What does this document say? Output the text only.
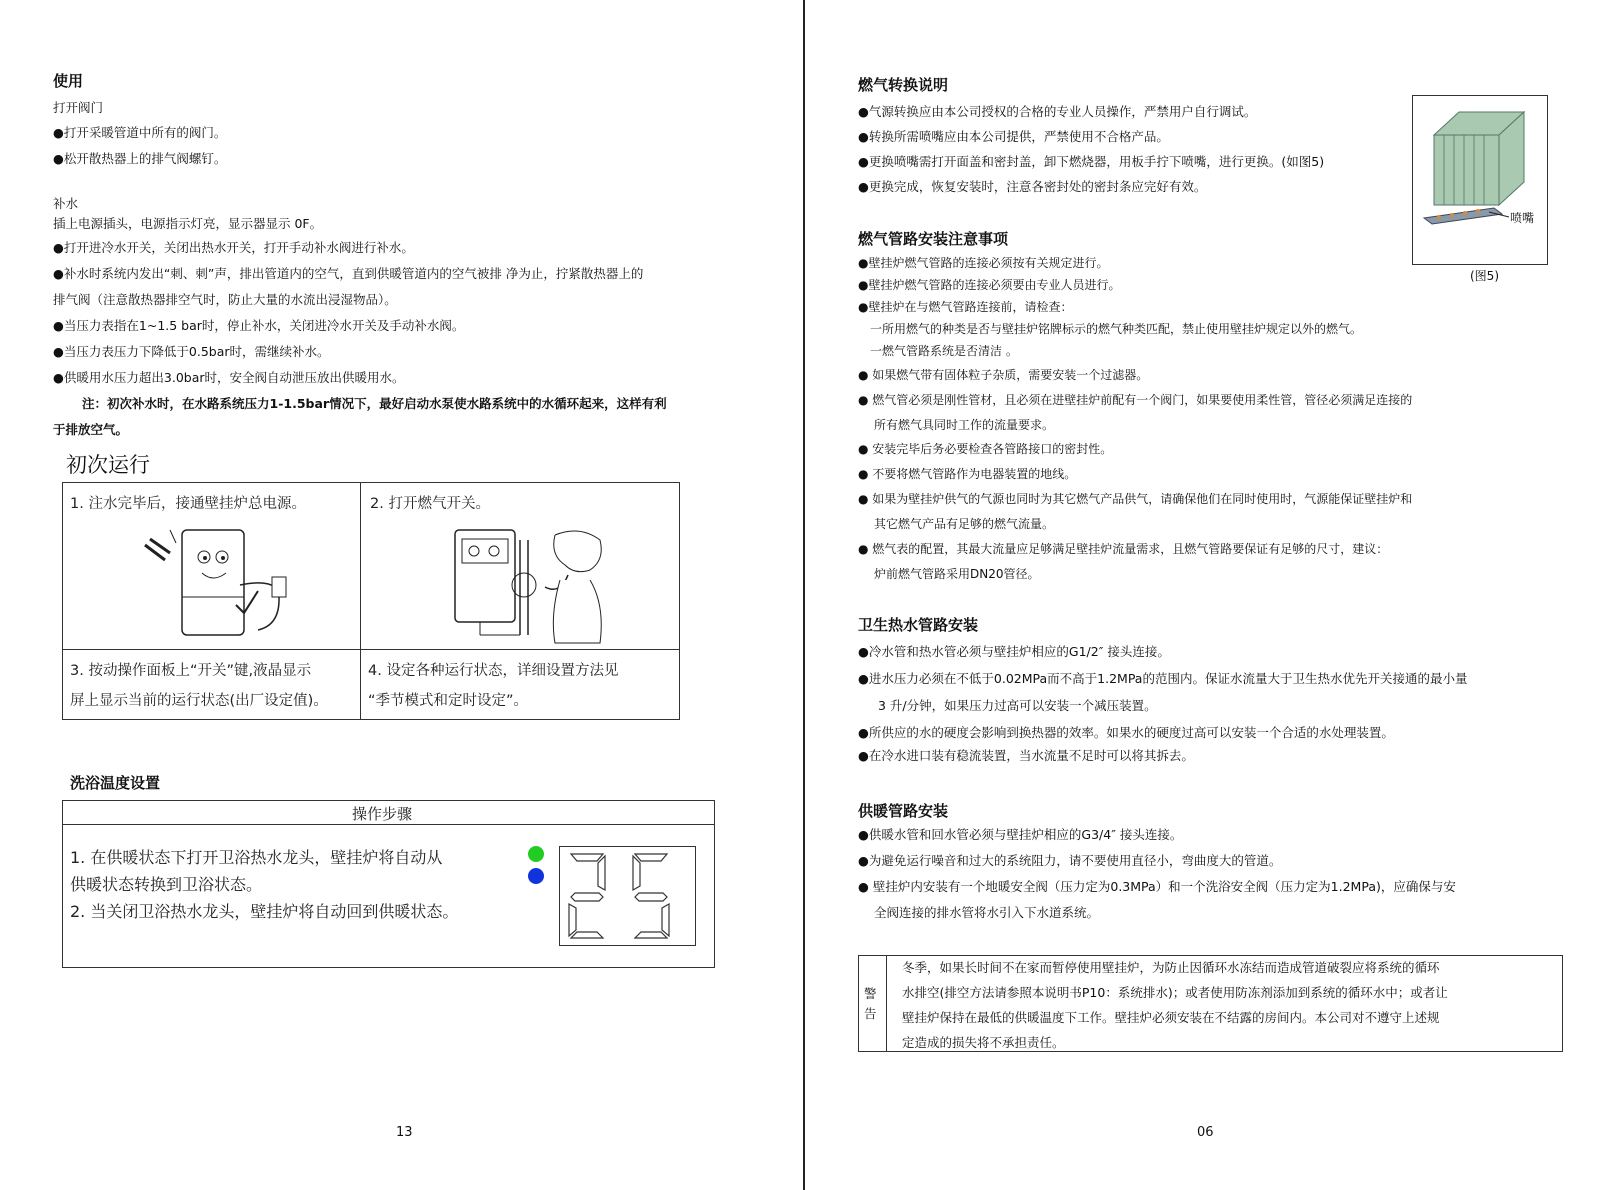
使用
打开阀门
●打开采暖管道中所有的阀门。
●松开散热器上的排气阀螺钉。
补水
插上电源插头，电源指示灯亮，显示器显示 0F。
●打开进冷水开关，关闭出热水开关，打开手动补水阀进行补水。
●补水时系统内发出“刺、刺”声，排出管道内的空气，直到供暖管道内的空气被排 净为止，拧紧散热器上的
排气阀（注意散热器排空气时，防止大量的水流出浸湿物品）。
●当压力表指在1~1.5 bar时，停止补水，关闭进冷水开关及手动补水阀。
●当压力表压力下降低于0.5bar时，需继续补水。
●供暖用水压力超出3.0bar时，安全阀自动泄压放出供暖用水。
注：初次补水时，在水路系统压力1-1.5bar情况下，最好启动水泵使水路系统中的水循环起来，这样有利
于排放空气。
初次运行
1. 注水完毕后，接通壁挂炉总电源。	2. 打开燃气开关。
3. 按动操作面板上“开关”键,液晶显示
屏上显示当前的运行状态(出厂设定值)。
4. 设定各种运行状态，详细设置方法见
“季节模式和定时设定”。
洗浴温度设置
操作步骤
1. 在供暖状态下打开卫浴热水龙头，壁挂炉将自动从
供暖状态转换到卫浴状态。
2. 当关闭卫浴热水龙头，壁挂炉将自动回到供暖状态。
13
燃气转换说明
●气源转换应由本公司授权的合格的专业人员操作，严禁用户自行调试。
●转换所需喷嘴应由本公司提供，严禁使用不合格产品。
●更换喷嘴需打开面盖和密封盖，卸下燃烧器，用板手拧下喷嘴，进行更换。(如图5)
●更换完成，恢复安装时，注意各密封处的密封条应完好有效。
喷嘴
(图5)
燃气管路安装注意事项
●壁挂炉燃气管路的连接必须按有关规定进行。
●壁挂炉燃气管路的连接必须要由专业人员进行。
●壁挂炉在与燃气管路连接前，请检查：
一所用燃气的种类是否与壁挂炉铭牌标示的燃气种类匹配，禁止使用壁挂炉规定以外的燃气。
一燃气管路系统是否清洁 。
● 如果燃气带有固体粒子杂质，需要安装一个过滤器。
● 燃气管必须是刚性管材，且必须在进壁挂炉前配有一个阀门，如果要使用柔性管，管径必须满足连接的
所有燃气具同时工作的流量要求。
● 安装完毕后务必要检查各管路接口的密封性。
● 不要将燃气管路作为电器装置的地线。
● 如果为壁挂炉供气的气源也同时为其它燃气产品供气，请确保他们在同时使用时，气源能保证壁挂炉和
其它燃气产品有足够的燃气流量。
● 燃气表的配置，其最大流量应足够满足壁挂炉流量需求，且燃气管路要保证有足够的尺寸，建议：
炉前燃气管路采用DN20管径。
卫生热水管路安装
●冷水管和热水管必须与壁挂炉相应的G1/2″ 接头连接。
●进水压力必须在不低于0.02MPa而不高于1.2MPa的范围内。保证水流量大于卫生热水优先开关接通的最小量
3 升/分钟，如果压力过高可以安装一个减压装置。
●所供应的水的硬度会影响到换热器的效率。如果水的硬度过高可以安装一个合适的水处理装置。
●在冷水进口装有稳流装置，当水流量不足时可以将其拆去。
供暖管路安装
●供暖水管和回水管必须与壁挂炉相应的G3/4″ 接头连接。
●为避免运行噪音和过大的系统阻力，请不要使用直径小，弯曲度大的管道。
● 壁挂炉内安装有一个地暖安全阀（压力定为0.3MPa）和一个洗浴安全阀（压力定为1.2MPa)，应确保与安
全阀连接的排水管将水引入下水道系统。
警
告
冬季，如果长时间不在家而暂停使用壁挂炉，为防止因循环水冻结而造成管道破裂应将系统的循环
水排空(排空方法请参照本说明书P10：系统排水)；或者使用防冻剂添加到系统的循环水中；或者让
壁挂炉保持在最低的供暖温度下工作。壁挂炉必须安装在不结露的房间内。本公司对不遵守上述规
定造成的损失将不承担责任。
06
